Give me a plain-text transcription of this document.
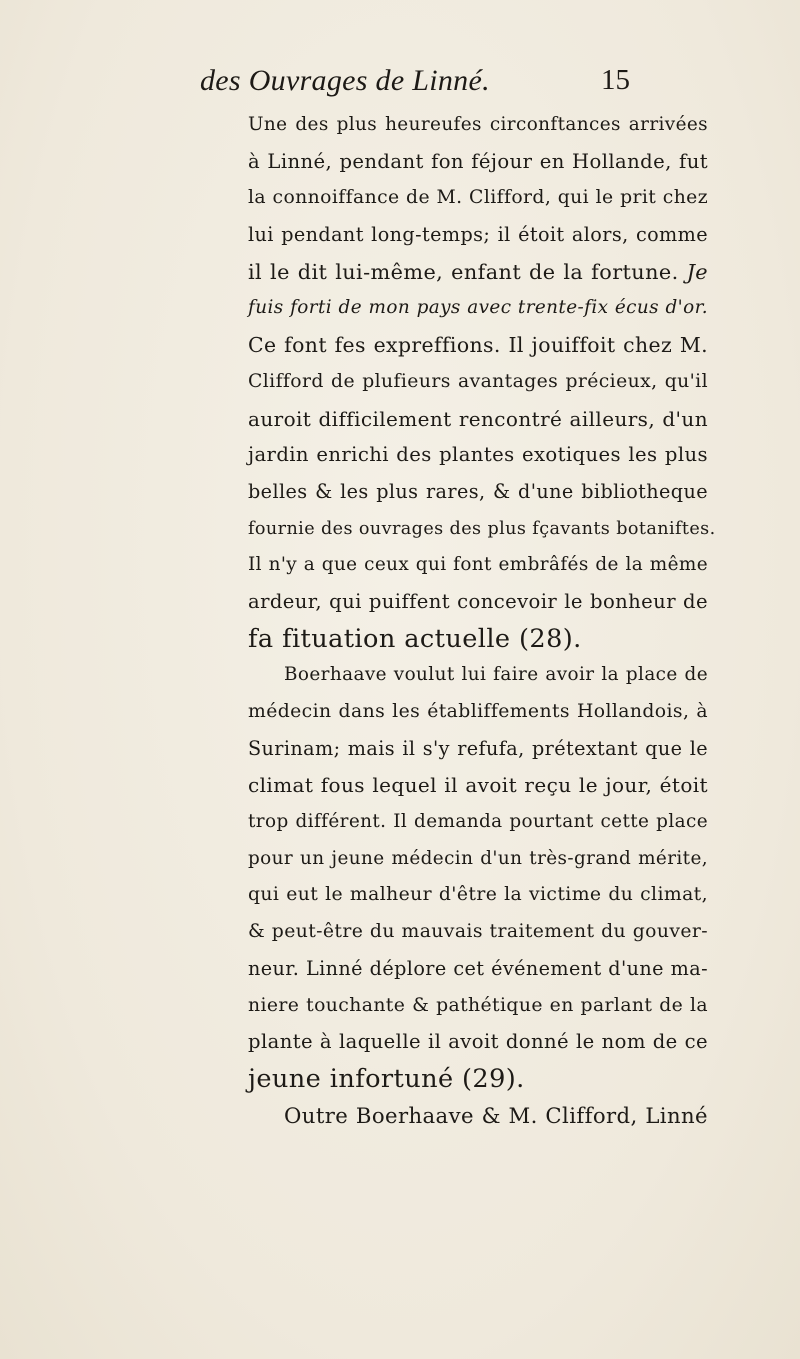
des Ouvrages de Linné.	15
Une des plus heureufes circonftances arrivées
à Linné, pendant fon féjour en Hollande, fut
la connoiffance de M. Clifford, qui le prit chez
lui pendant long-temps; il étoit alors, comme
il le dit lui-même, enfant de la fortune. Je
fuis forti de mon pays avec trente-fix écus d'or.
Ce font fes expreffions. Il jouiffoit chez M.
Clifford de plufieurs avantages précieux, qu'il
auroit difficilement rencontré ailleurs, d'un
jardin enrichi des plantes exotiques les plus
belles & les plus rares, & d'une bibliotheque
fournie des ouvrages des plus fçavants botaniftes.
Il n'y a que ceux qui font embrâfés de la même
ardeur, qui puiffent concevoir le bonheur de
fa fituation actuelle (28).
Boerhaave voulut lui faire avoir la place de
médecin dans les établiffements Hollandois, à
Surinam; mais il s'y refufa, prétextant que le
climat fous lequel il avoit reçu le jour, étoit
trop différent. Il demanda pourtant cette place
pour un jeune médecin d'un très-grand mérite,
qui eut le malheur d'être la victime du climat,
& peut-être du mauvais traitement du gouver-
neur. Linné déplore cet événement d'une ma-
niere touchante & pathétique en parlant de la
plante à laquelle il avoit donné le nom de ce
jeune infortuné (29).
Outre Boerhaave & M. Clifford, Linné
